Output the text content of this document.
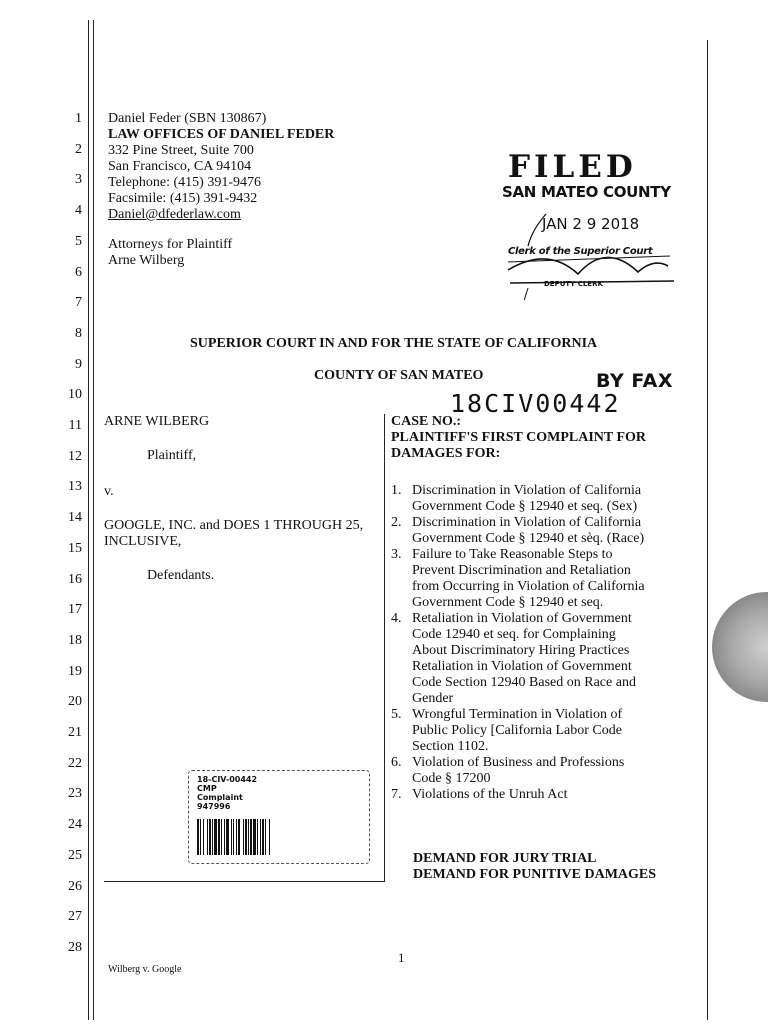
1
2
3
4
5
6
7
8
9
10
11
12
13
14
15
16
17
18
19
20
21
22
23
24
25
26
27
28
Daniel Feder (SBN 130867)
LAW OFFICES OF DANIEL FEDER
332 Pine Street, Suite 700
San Francisco, CA 94104
Telephone: (415) 391-9476
Facsimile: (415) 391-9432
Daniel@dfederlaw.com
Attorneys for Plaintiff
Arne Wilberg
FILED
SAN MATEO COUNTY
JAN 2 9 2018
Clerk of the Superior Court
DEPUTY CLERK
SUPERIOR COURT IN AND FOR THE STATE OF CALIFORNIA
COUNTY OF SAN MATEO	BY FAX
18CIV00442
ARNE WILBERG
Plaintiff,
v.
GOOGLE, INC. and DOES 1 THROUGH 25,
INCLUSIVE,
Defendants.
18-CIV-00442
CMP
Complaint
947996
CASE NO.:
PLAINTIFF'S FIRST COMPLAINT FOR
DAMAGES FOR:
1. Discrimination in Violation of California
Government Code § 12940 et seq. (Sex)
2. Discrimination in Violation of California
Government Code § 12940 et sèq. (Race)
3. Failure to Take Reasonable Steps to
Prevent Discrimination and Retaliation
from Occurring in Violation of California
Government Code § 12940 et seq.
4. Retaliation in Violation of Government
Code 12940 et seq. for Complaining
About Discriminatory Hiring Practices
Retaliation in Violation of Government
Code Section 12940 Based on Race and
Gender
5. Wrongful Termination in Violation of
Public Policy [California Labor Code
Section 1102.
6. Violation of Business and Professions
Code § 17200
7. Violations of the Unruh Act
DEMAND FOR JURY TRIAL
DEMAND FOR PUNITIVE DAMAGES
Wilberg v. Google
1
